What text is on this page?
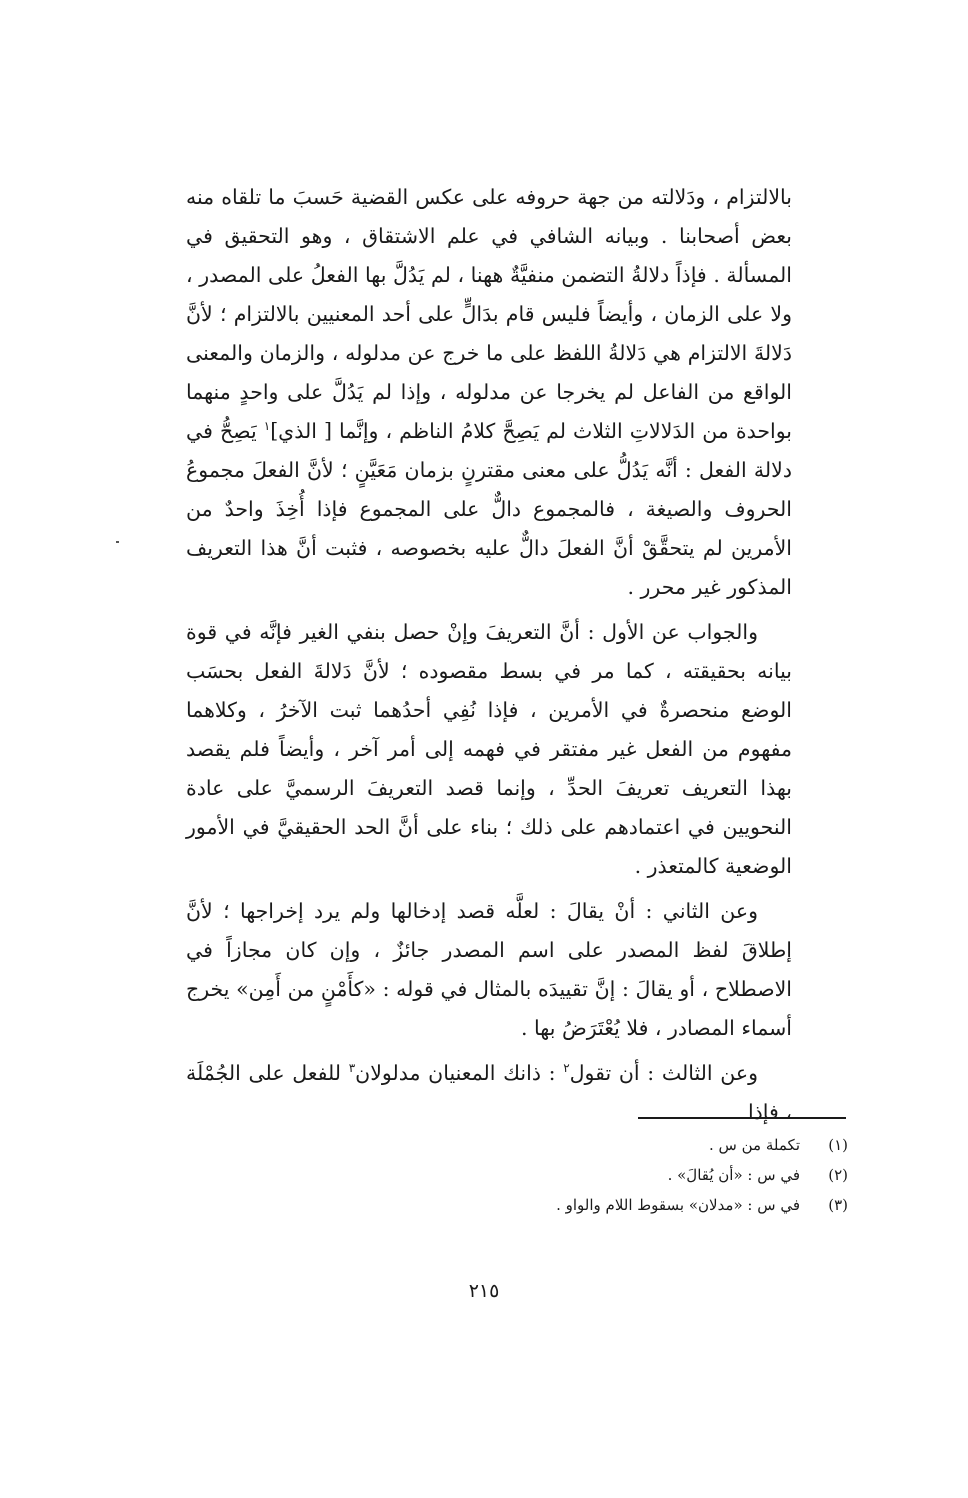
بالالتزام ، ودَلالته من جهة حروفه على عكس القضية حَسبَ ما تلقاه منه بعض أصحابنا . وبيانه الشافي في علم الاشتقاق ، وهو التحقيق في المسألة . فإذاً دلالةُ التضمن منفيَّةٌ ههنا ، لم يَدُلَّ بها الفعلُ على المصدر ، ولا على الزمان ، وأيضاً فليس قام بدَالٍّ على أحد المعنيين بالالتزام ؛ لأنَّ دَلالةَ الالتزام هي دَلالةُ اللفظ على ما خرج عن مدلوله ، والزمان والمعنى الواقع من الفاعل لم يخرجا عن مدلوله ، وإذا لم يَدُلَّ على واحدٍ منهما بواحدة من الدَلالاتِ الثلاث لم يَصِحَّ كلامُ الناظم ، وإنَّما [ الذي]$^١$ يَصِحُّ في دلالة الفعل : أنَّه يَدُلُّ على معنى مقترنٍ بزمان مَعَيَّنٍ ؛ لأنَّ الفعلَ مجموعُ الحروف والصيغة ، فالمجموع دالٌّ على المجموع فإذا أُخِذَ واحدٌ من الأمرين لم يتحقَّقْ أنَّ الفعلَ دالٌّ عليه بخصوصه ، فثبت أنَّ هذا التعريف المذكور غير محرر .

والجواب عن الأول : أنَّ التعريفَ وإنْ حصل بنفي الغير فإنَّه في قوة بيانه بحقيقته ، كما مر في بسط مقصوده ؛ لأنَّ دَلالةَ الفعل بحسَب الوضع منحصرةٌ في الأمرين ، فإذا نُفِي أحدُهما ثبت الآخرُ ، وكلاهما مفهوم من الفعل غير مفتقر في فهمه إلى أمر آخر ، وأيضاً فلم يقصد بهذا التعريف تعريفَ الحدِّ ، وإنما قصد التعريفَ الرسميَّ على عادة النحويين في اعتمادهم على ذلك ؛ بناء على أنَّ الحد الحقيقيَّ في الأمور الوضعية كالمتعذر .

وعن الثاني : أنْ يقالَ : لعلَّه قصد إدخالها ولم يرد إخراجها ؛ لأنَّ إطلاقَ لفظ المصدر على اسم المصدر جائزٌ ، وإن كان مجازاً في الاصطلاح ، أو يقالَ : إنَّ تقييدَه بالمثال في قوله : «كأَمْنٍ من أَمِن» يخرج أسماء المصادر ، فلا يُعْتَرَضُ بها .

وعن الثالث : أن تقول$^٢$ : ذانك المعنيان مدلولان$^٣$ للفعل على الجُمْلَة ، فإذا

(١)
تكملة من س .
(٢)
في س : «أن يُقالَ» .
(٣)
في س : «مدلان» بسقوط اللام والواو .
٢١٥
